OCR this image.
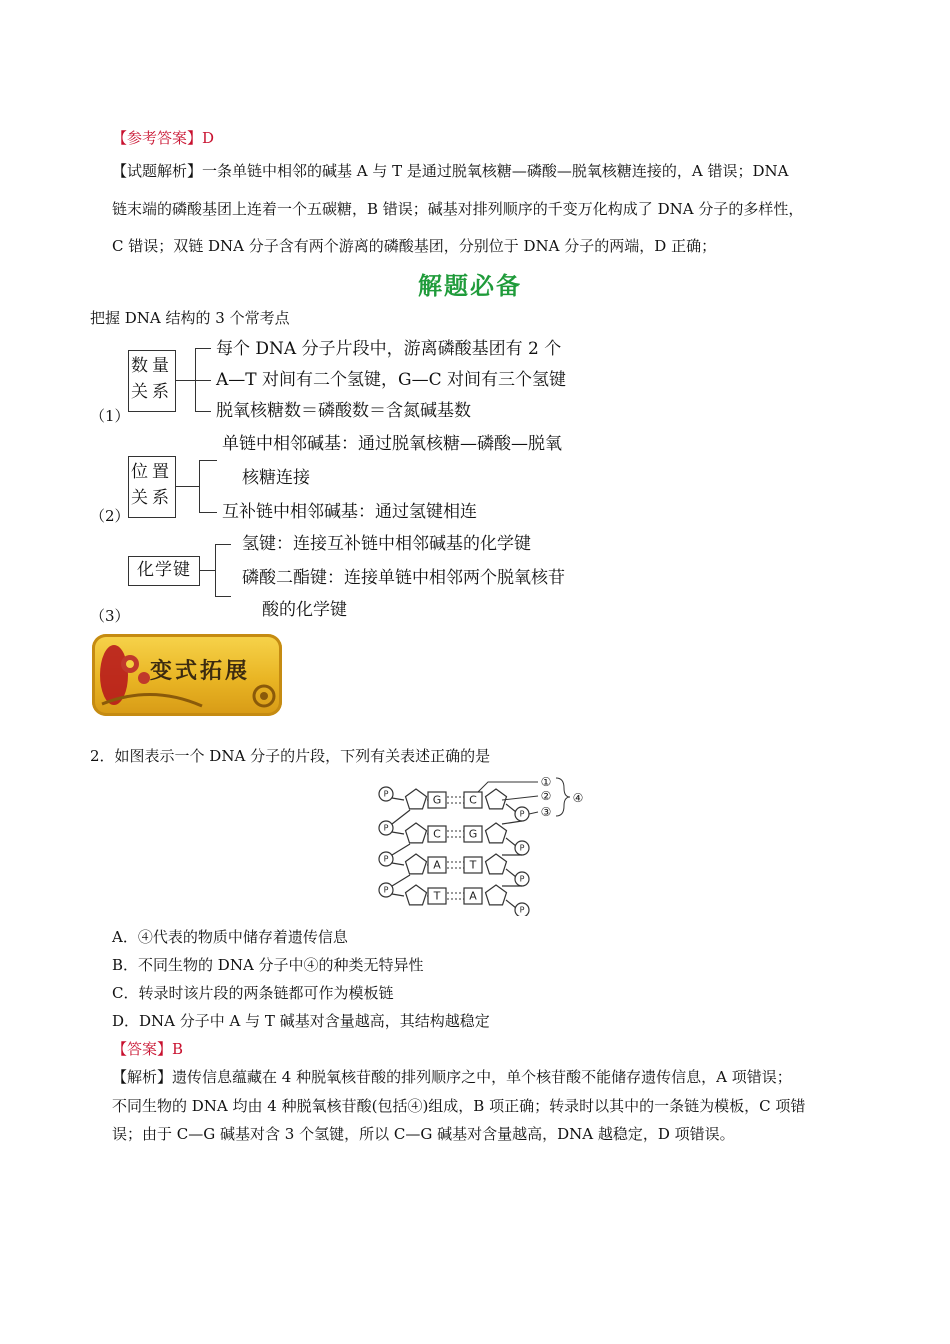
【参考答案】D
【试题解析】一条单链中相邻的碱基 A 与 T 是通过脱氧核糖—磷酸—脱氧核糖连接的，A 错误；DNA
链末端的磷酸基团上连着一个五碳糖，B 错误；碱基对排列顺序的千变万化构成了 DNA 分子的多样性，
C 错误；双链 DNA 分子含有两个游离的磷酸基团，分别位于 DNA 分子的两端，D 正确；
解题必备
把握 DNA 结构的 3 个常考点
数量
关系
每个 DNA 分子片段中，游离磷酸基团有 2 个
A—T 对间有二个氢键，G—C 对间有三个氢键
脱氧核糖数＝磷酸数＝含氮碱基数
（1）
位置
关系
单链中相邻碱基：通过脱氧核糖—磷酸—脱氧
核糖连接
互补链中相邻碱基：通过氢键相连
（2）
化学键
氢键：连接互补链中相邻碱基的化学键
磷酸二酯键：连接单链中相邻两个脱氧核苷
酸的化学键
（3）
变式拓展
2．如图表示一个 DNA 分子的片段，下列有关表述正确的是
P	G	C
P
P	C	G
P
P	A	T
P
P	T	A
P
①
②
③
④
A．④代表的物质中储存着遗传信息
B．不同生物的 DNA 分子中④的种类无特异性
C．转录时该片段的两条链都可作为模板链
D．DNA 分子中 A 与 T 碱基对含量越高，其结构越稳定
【答案】B
【解析】遗传信息蕴藏在 4 种脱氧核苷酸的排列顺序之中，单个核苷酸不能储存遗传信息，A 项错误；
不同生物的 DNA 均由 4 种脱氧核苷酸(包括④)组成，B 项正确；转录时以其中的一条链为模板，C 项错
误；由于 C—G 碱基对含 3 个氢键，所以 C—G 碱基对含量越高，DNA 越稳定，D 项错误。
